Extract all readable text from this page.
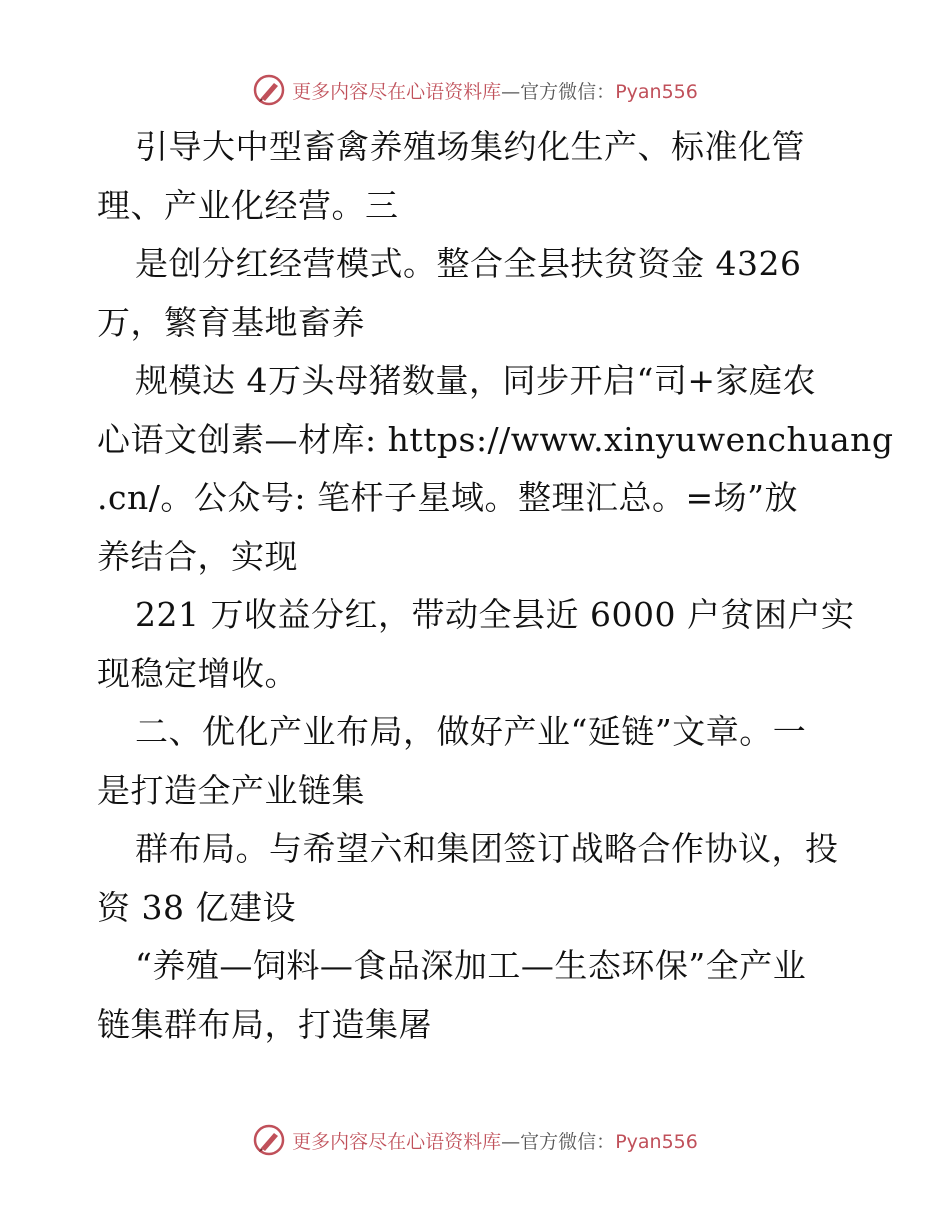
更多内容尽在心语资料库—官方微信：Pyan556
引导大中型畜禽养殖场集约化生产、标准化管
理、产业化经营。三
是创分红经营模式。整合全县扶贫资金 4326
万，繁育基地畜养
规模达 4万头母猪数量，同步开启“司+家庭农
心语文创素—材库: https://www.xinyuwenchuang
.cn/。公众号: 笔杆子星域。整理汇总。=场”放
养结合，实现
221 万收益分红，带动全县近 6000 户贫困户实
现稳定增收。
二、优化产业布局，做好产业“延链”文章。一
是打造全产业链集
群布局。与希望六和集团签订战略合作协议，投
资 38 亿建设
“养殖—饲料—食品深加工—生态环保”全产业
链集群布局，打造集屠
更多内容尽在心语资料库—官方微信：Pyan556
